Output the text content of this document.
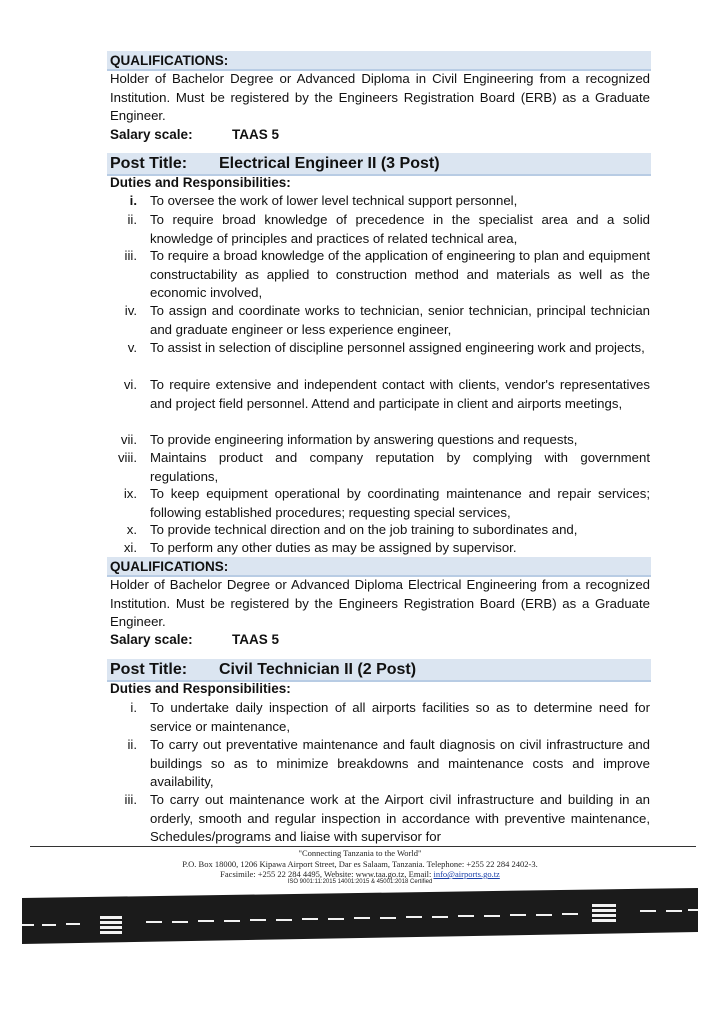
QUALIFICATIONS:

Holder of Bachelor Degree or Advanced Diploma in Civil Engineering from a recognized Institution. Must be registered by the Engineers Registration Board (ERB) as a Graduate Engineer.

Salary scale:	TAAS 5
Post Title: Electrical Engineer II (3 Post)
Duties and Responsibilities:
i. To oversee the work of lower level technical support personnel,
ii. To require broad knowledge of precedence in the specialist area and a solid knowledge of principles and practices of related technical area,
iii. To require a broad knowledge of the application of engineering to plan and equipment constructability as applied to construction method and materials as well as the economic involved,
iv. To assign and coordinate works to technician, senior technician, principal technician and graduate engineer or less experience engineer,
v. To assist in selection of discipline personnel assigned engineering work and projects,
vi. To require extensive and independent contact with clients, vendor's representatives and project field personnel. Attend and participate in client and airports meetings,
vii. To provide engineering information by answering questions and requests,
viii. Maintains product and company reputation by complying with government regulations,
ix. To keep equipment operational by coordinating maintenance and repair services; following established procedures; requesting special services,
x. To provide technical direction and on the job training to subordinates and,
xi. To perform any other duties as may be assigned by supervisor.
QUALIFICATIONS:

Holder of Bachelor Degree or Advanced Diploma Electrical Engineering from a recognized Institution. Must be registered by the Engineers Registration Board (ERB) as a Graduate Engineer.

Salary scale:	TAAS 5
Post Title: Civil Technician II (2 Post)
Duties and Responsibilities:
i. To undertake daily inspection of all airports facilities so as to determine need for service or maintenance,
ii. To carry out preventative maintenance and fault diagnosis on civil infrastructure and buildings so as to minimize breakdowns and maintenance costs and improve availability,
iii. To carry out maintenance work at the Airport civil infrastructure and building in an orderly, smooth and regular inspection in accordance with preventive maintenance, Schedules/programs and liaise with supervisor for
"Connecting Tanzania to the World"
P.O. Box 18000, 1206 Kipawa Airport Street, Dar es Salaam, Tanzania. Telephone: +255 22 284 2402-3.
Facsimile: +255 22 284 4495, Website: www.taa.go.tz, Email: info@airports.go.tz
ISO 9001:11:2015 14001:2015 & 45001:2018 Certified
